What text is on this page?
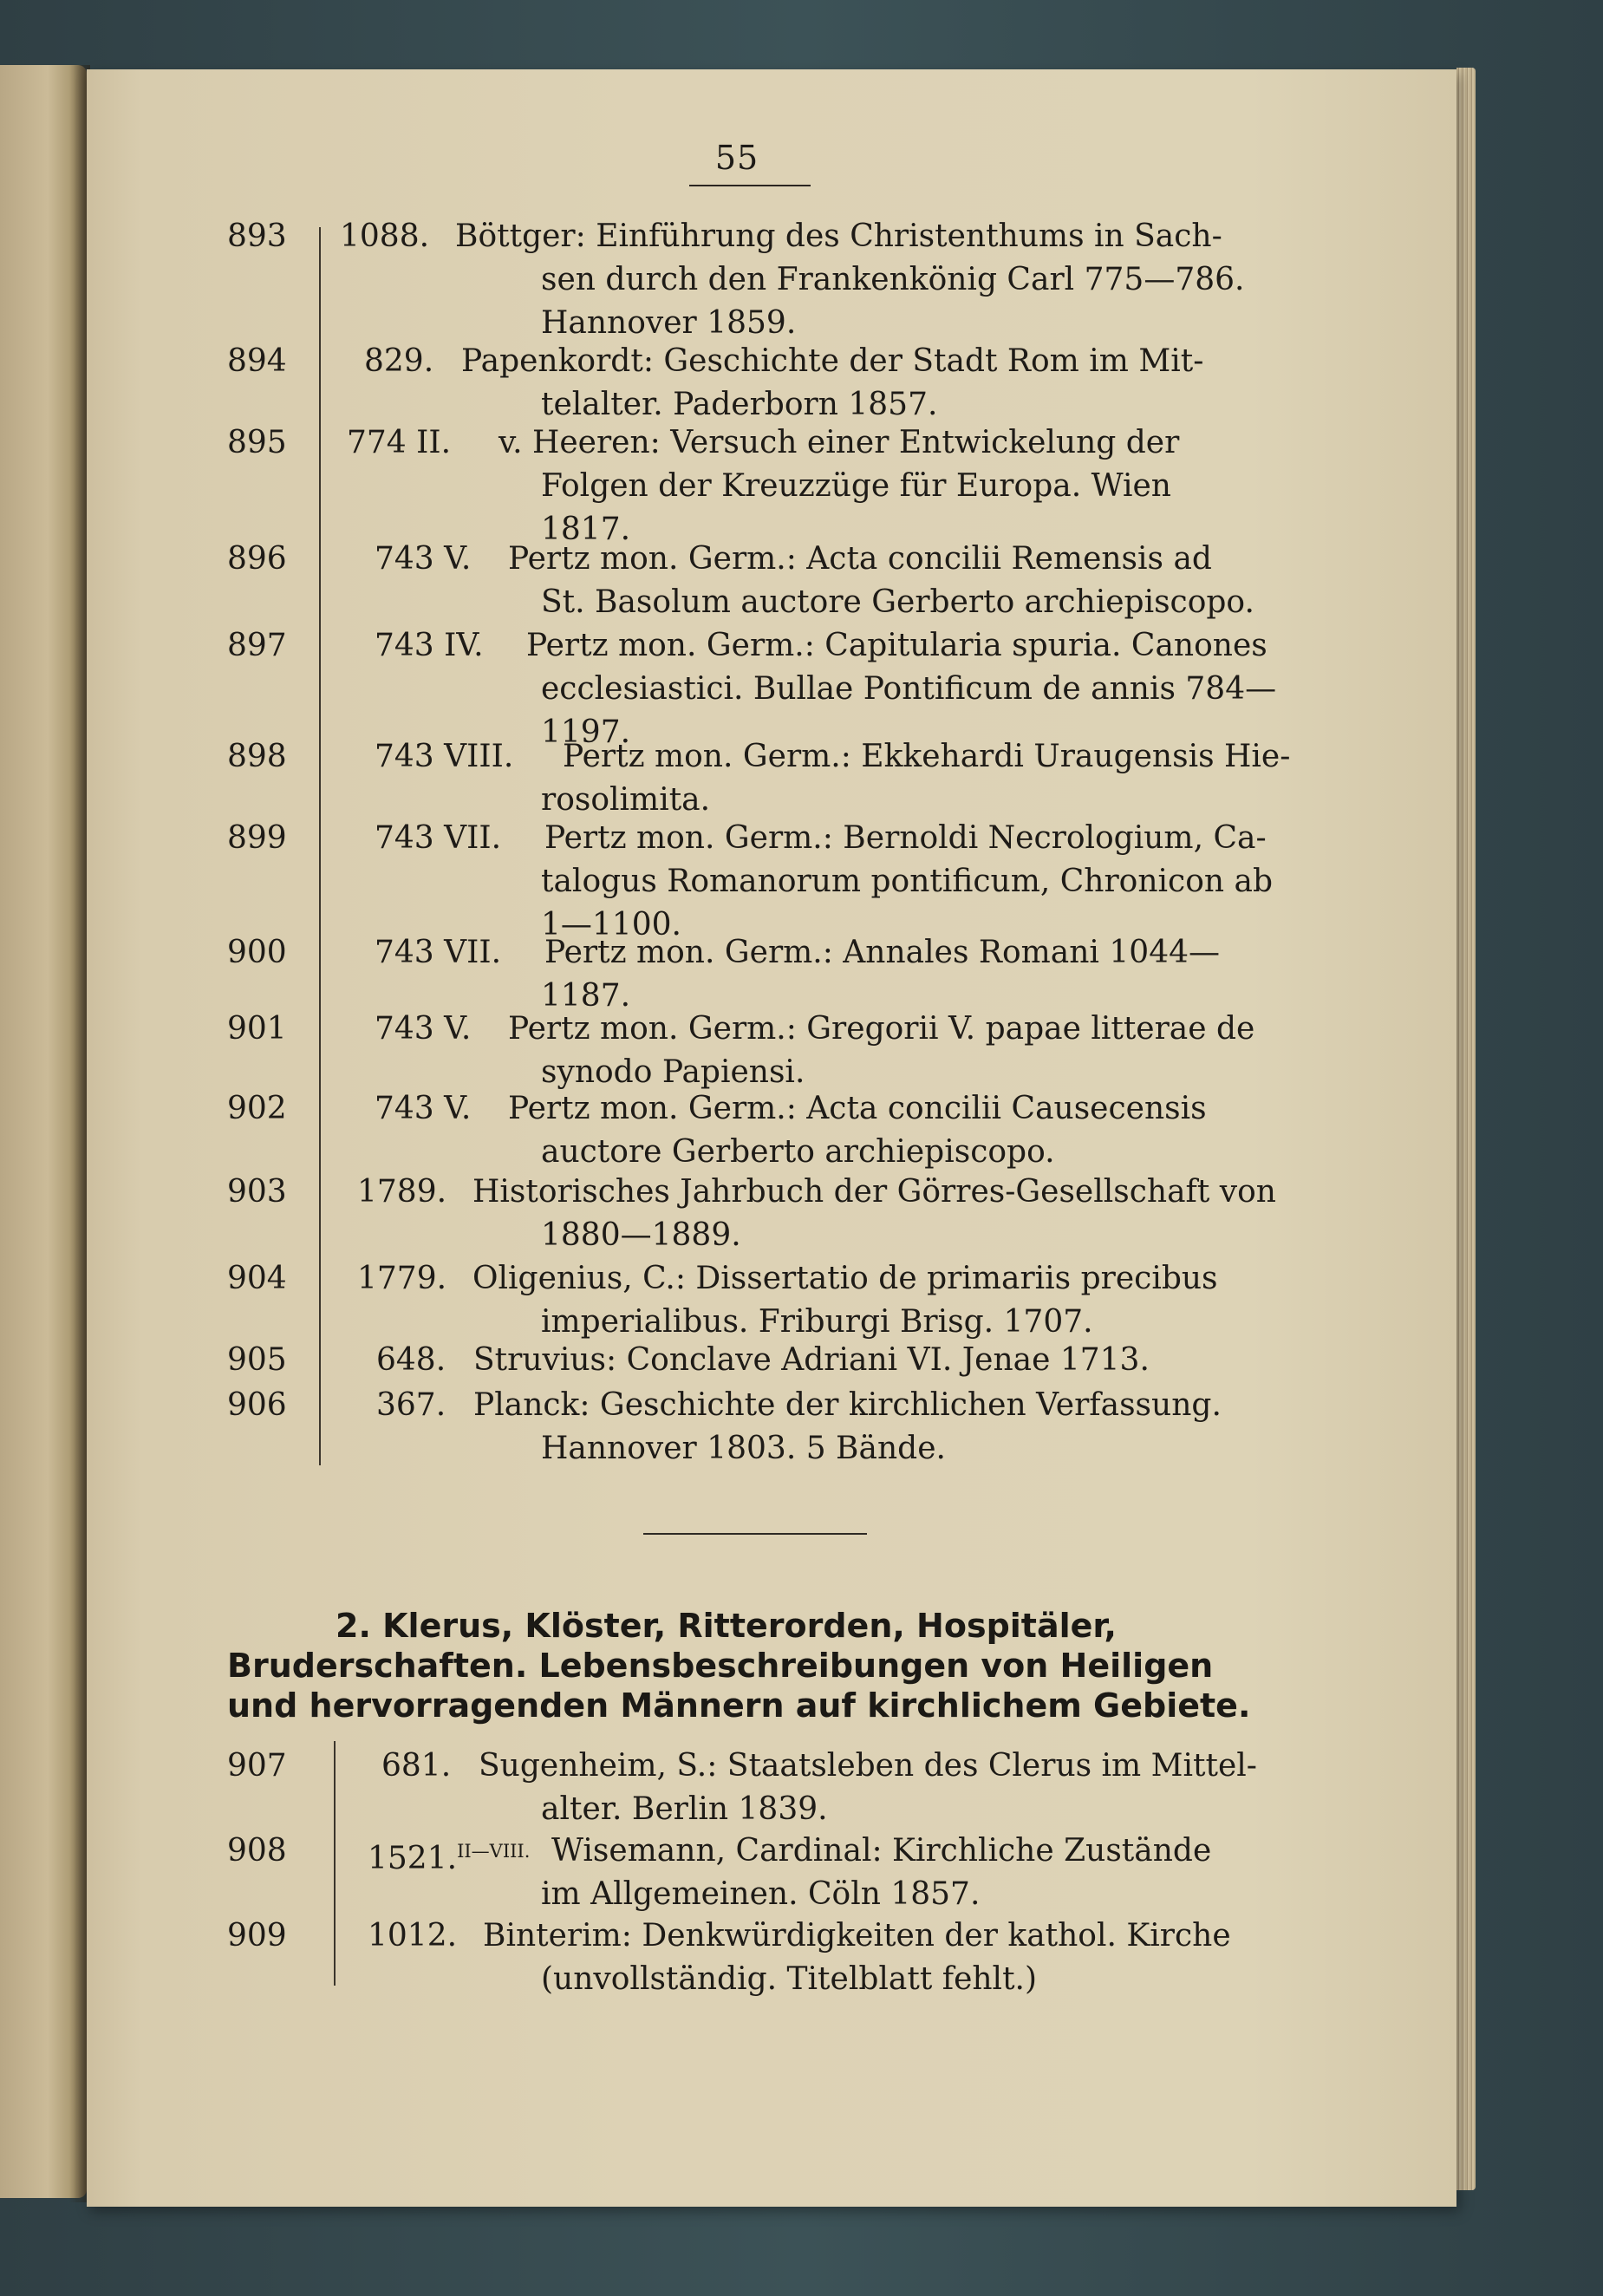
55
893	1088. Böttger: Einführung des Christenthums in Sach-
sen durch den Frankenkönig Carl 775—786.
Hannover 1859.
894	829. Papenkordt: Geschichte der Stadt Rom im Mit-
telalter. Paderborn 1857.
895	774 II.	v. Heeren: Versuch einer Entwickelung der
Folgen der Kreuzzüge für Europa. Wien
1817.
896	743 V.	Pertz mon. Germ.: Acta concilii Remensis ad
St. Basolum auctore Gerberto archiepiscopo.
897	743 IV.	Pertz mon. Germ.: Capitularia spuria. Canones
ecclesiastici. Bullae Pontificum de annis 784—
1197.
898	743 VIII.	Pertz mon. Germ.: Ekkehardi Uraugensis Hie-
rosolimita.
899	743 VII.	Pertz mon. Germ.: Bernoldi Necrologium, Ca-
talogus Romanorum pontificum, Chronicon ab
1—1100.
900	743 VII.	Pertz mon. Germ.: Annales Romani 1044—
1187.
901	743 V.	Pertz mon. Germ.: Gregorii V. papae litterae de
synodo Papiensi.
902	743 V.	Pertz mon. Germ.: Acta concilii Causecensis
auctore Gerberto archiepiscopo.
903	1789. Historisches Jahrbuch der Görres-Gesellschaft von
1880—1889.
904	1779. Oligenius, C.: Dissertatio de primariis precibus
imperialibus. Friburgi Brisg. 1707.
905	648. Struvius: Conclave Adriani VI. Jenae 1713.
906	367. Planck: Geschichte der kirchlichen Verfassung.
Hannover 1803. 5 Bände.
2. Klerus, Klöster, Ritterorden, Hospitäler,
Bruderschaften. Lebensbeschreibungen von Heiligen
und hervorragenden Männern auf kirchlichem Gebiete.
907	681. Sugenheim, S.: Staatsleben des Clerus im Mittel-
alter. Berlin 1839.
908	1521.$^{II—VIII.}$ Wisemann, Cardinal: Kirchliche Zustände
im Allgemeinen. Cöln 1857.
909	1012. Binterim: Denkwürdigkeiten der kathol. Kirche
(unvollständig. Titelblatt fehlt.)
